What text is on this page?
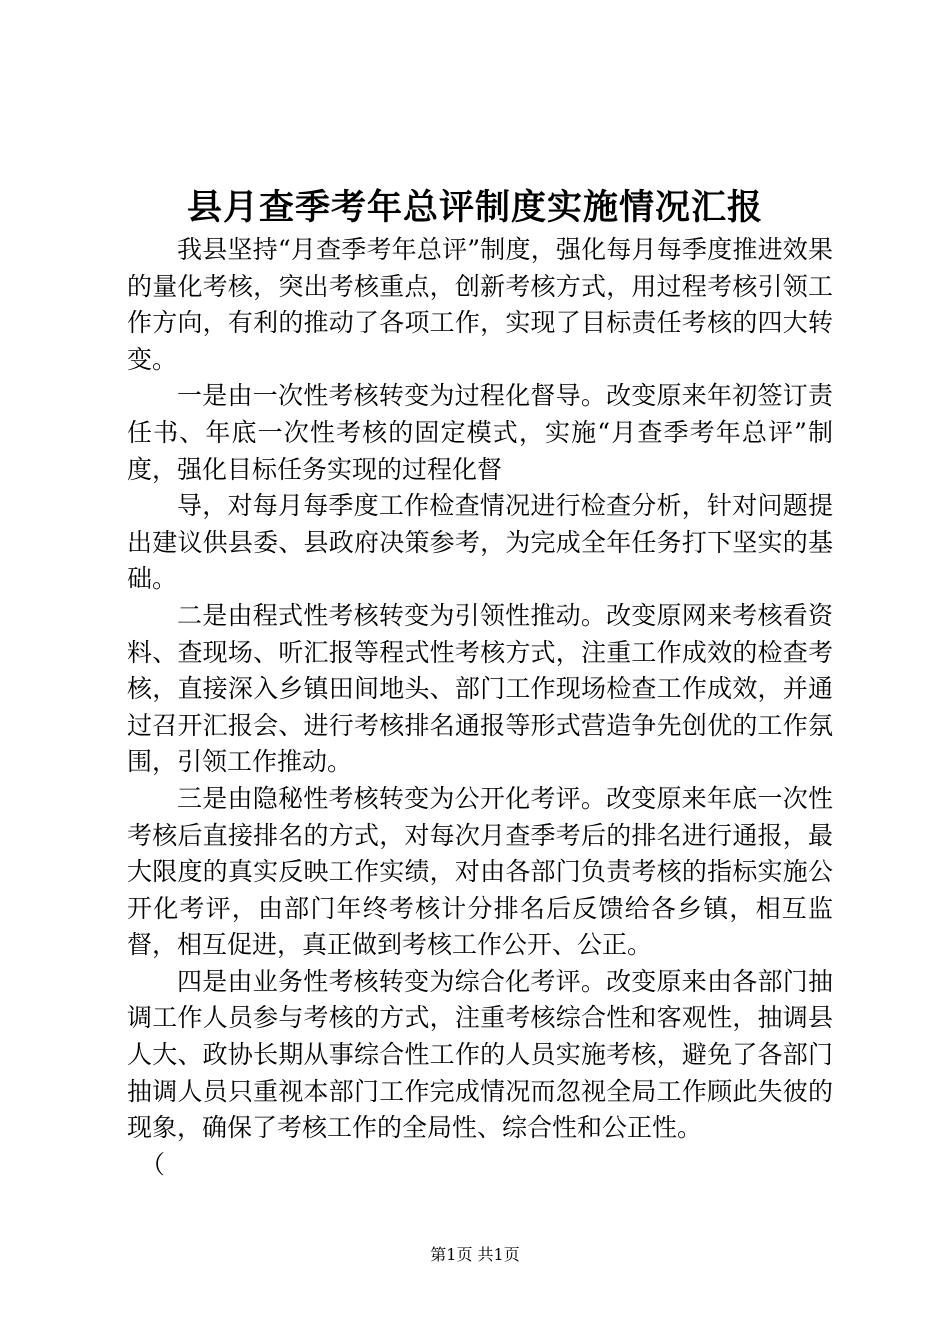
县月查季考年总评制度实施情况汇报

我县坚持“月查季考年总评”制度，强化每月每季度推进效果的量化考核，突出考核重点，创新考核方式，用过程考核引领工作方向，有利的推动了各项工作，实现了目标责任考核的四大转变。

一是由一次性考核转变为过程化督导。改变原来年初签订责任书、年底一次性考核的固定模式，实施“月查季考年总评”制度，强化目标任务实现的过程化督

导，对每月每季度工作检查情况进行检查分析，针对问题提出建议供县委、县政府决策参考，为完成全年任务打下坚实的基础。

二是由程式性考核转变为引领性推动。改变原网来考核看资料、查现场、听汇报等程式性考核方式，注重工作成效的检查考核，直接深入乡镇田间地头、部门工作现场检查工作成效，并通过召开汇报会、进行考核排名通报等形式营造争先创优的工作氛围，引领工作推动。

三是由隐秘性考核转变为公开化考评。改变原来年底一次性考核后直接排名的方式，对每次月查季考后的排名进行通报，最大限度的真实反映工作实绩，对由各部门负责考核的指标实施公开化考评，由部门年终考核计分排名后反馈给各乡镇，相互监督，相互促进，真正做到考核工作公开、公正。

四是由业务性考核转变为综合化考评。改变原来由各部门抽调工作人员参与考核的方式，注重考核综合性和客观性，抽调县人大、政协长期从事综合性工作的人员实施考核，避免了各部门抽调人员只重视本部门工作完成情况而忽视全局工作顾此失彼的现象，确保了考核工作的全局性、综合性和公正性。

（

第1页 共1页
